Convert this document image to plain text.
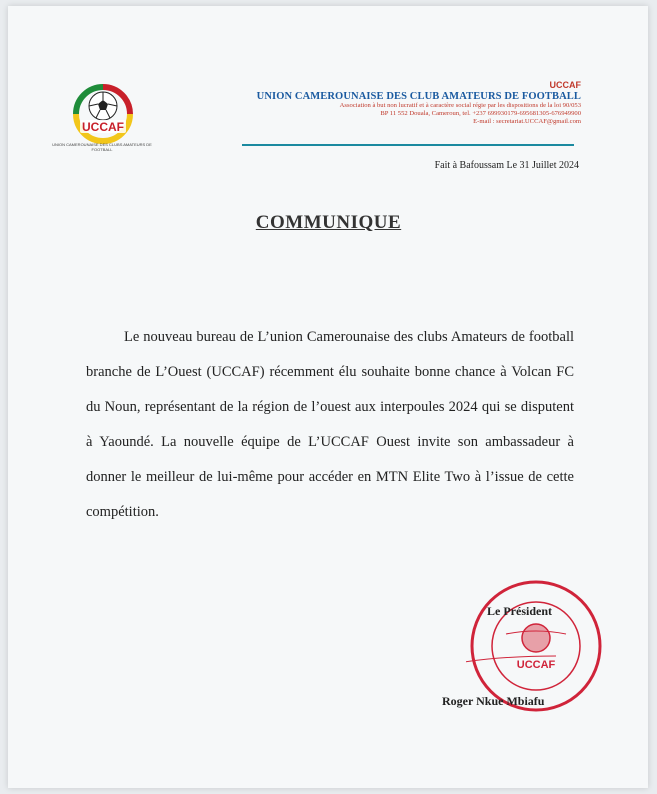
UCCAF
UNION CAMEROUNAISE DES CLUBS AMATEURS DE FOOTBALL
UCCAF
UNION CAMEROUNAISE DES CLUB AMATEURS DE FOOTBALL
Association à but non lucratif et à caractère social régie par les dispositions de la loi 90/053
BP 11 552 Douala, Cameroun, tel. +237 699930179-695681305-676949900
E-mail : secretariat.UCCAF@gmail.com
Fait à Bafoussam Le 31 Juillet 2024
COMMUNIQUE
Le nouveau bureau de L’union Camerounaise des clubs Amateurs de football branche de L’Ouest (UCCAF) récemment élu souhaite bonne chance à Volcan FC du Noun, représentant de la région de l’ouest aux interpoules 2024 qui se disputent à Yaoundé. La nouvelle équipe de L’UCCAF Ouest invite son ambassadeur à donner le meilleur de lui-même pour accéder en MTN Elite Two à l’issue de cette compétition.
UCCAF
Le Président
Roger Nkue Mbiafu
